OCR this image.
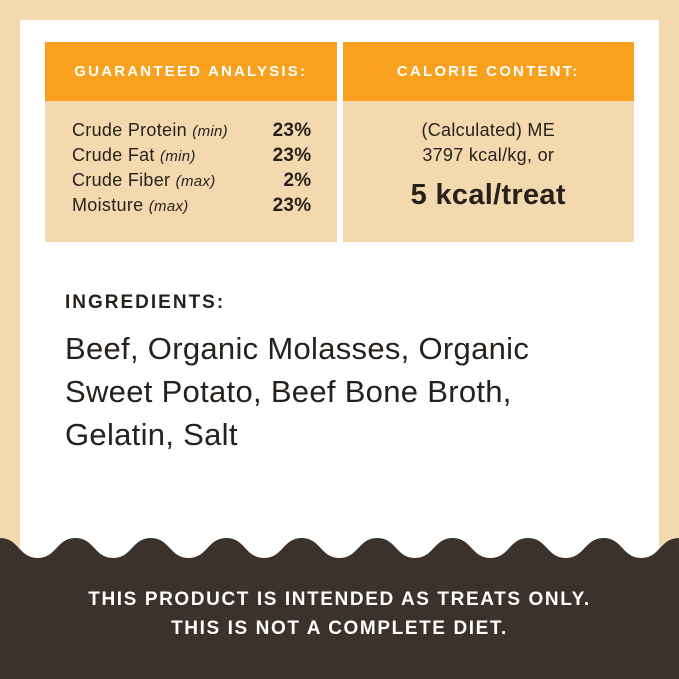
GUARANTEED ANALYSIS:
Crude Protein (min) 23%
Crude Fat (min)	23%
Crude Fiber (max)	2%
Moisture (max)	23%
CALORIE CONTENT:
(Calculated) ME
3797 kcal/kg, or
5 kcal/treat
INGREDIENTS:
Beef, Organic Molasses, Organic
Sweet Potato, Beef Bone Broth,
Gelatin, Salt
THIS PRODUCT IS INTENDED AS TREATS ONLY.
THIS IS NOT A COMPLETE DIET.
